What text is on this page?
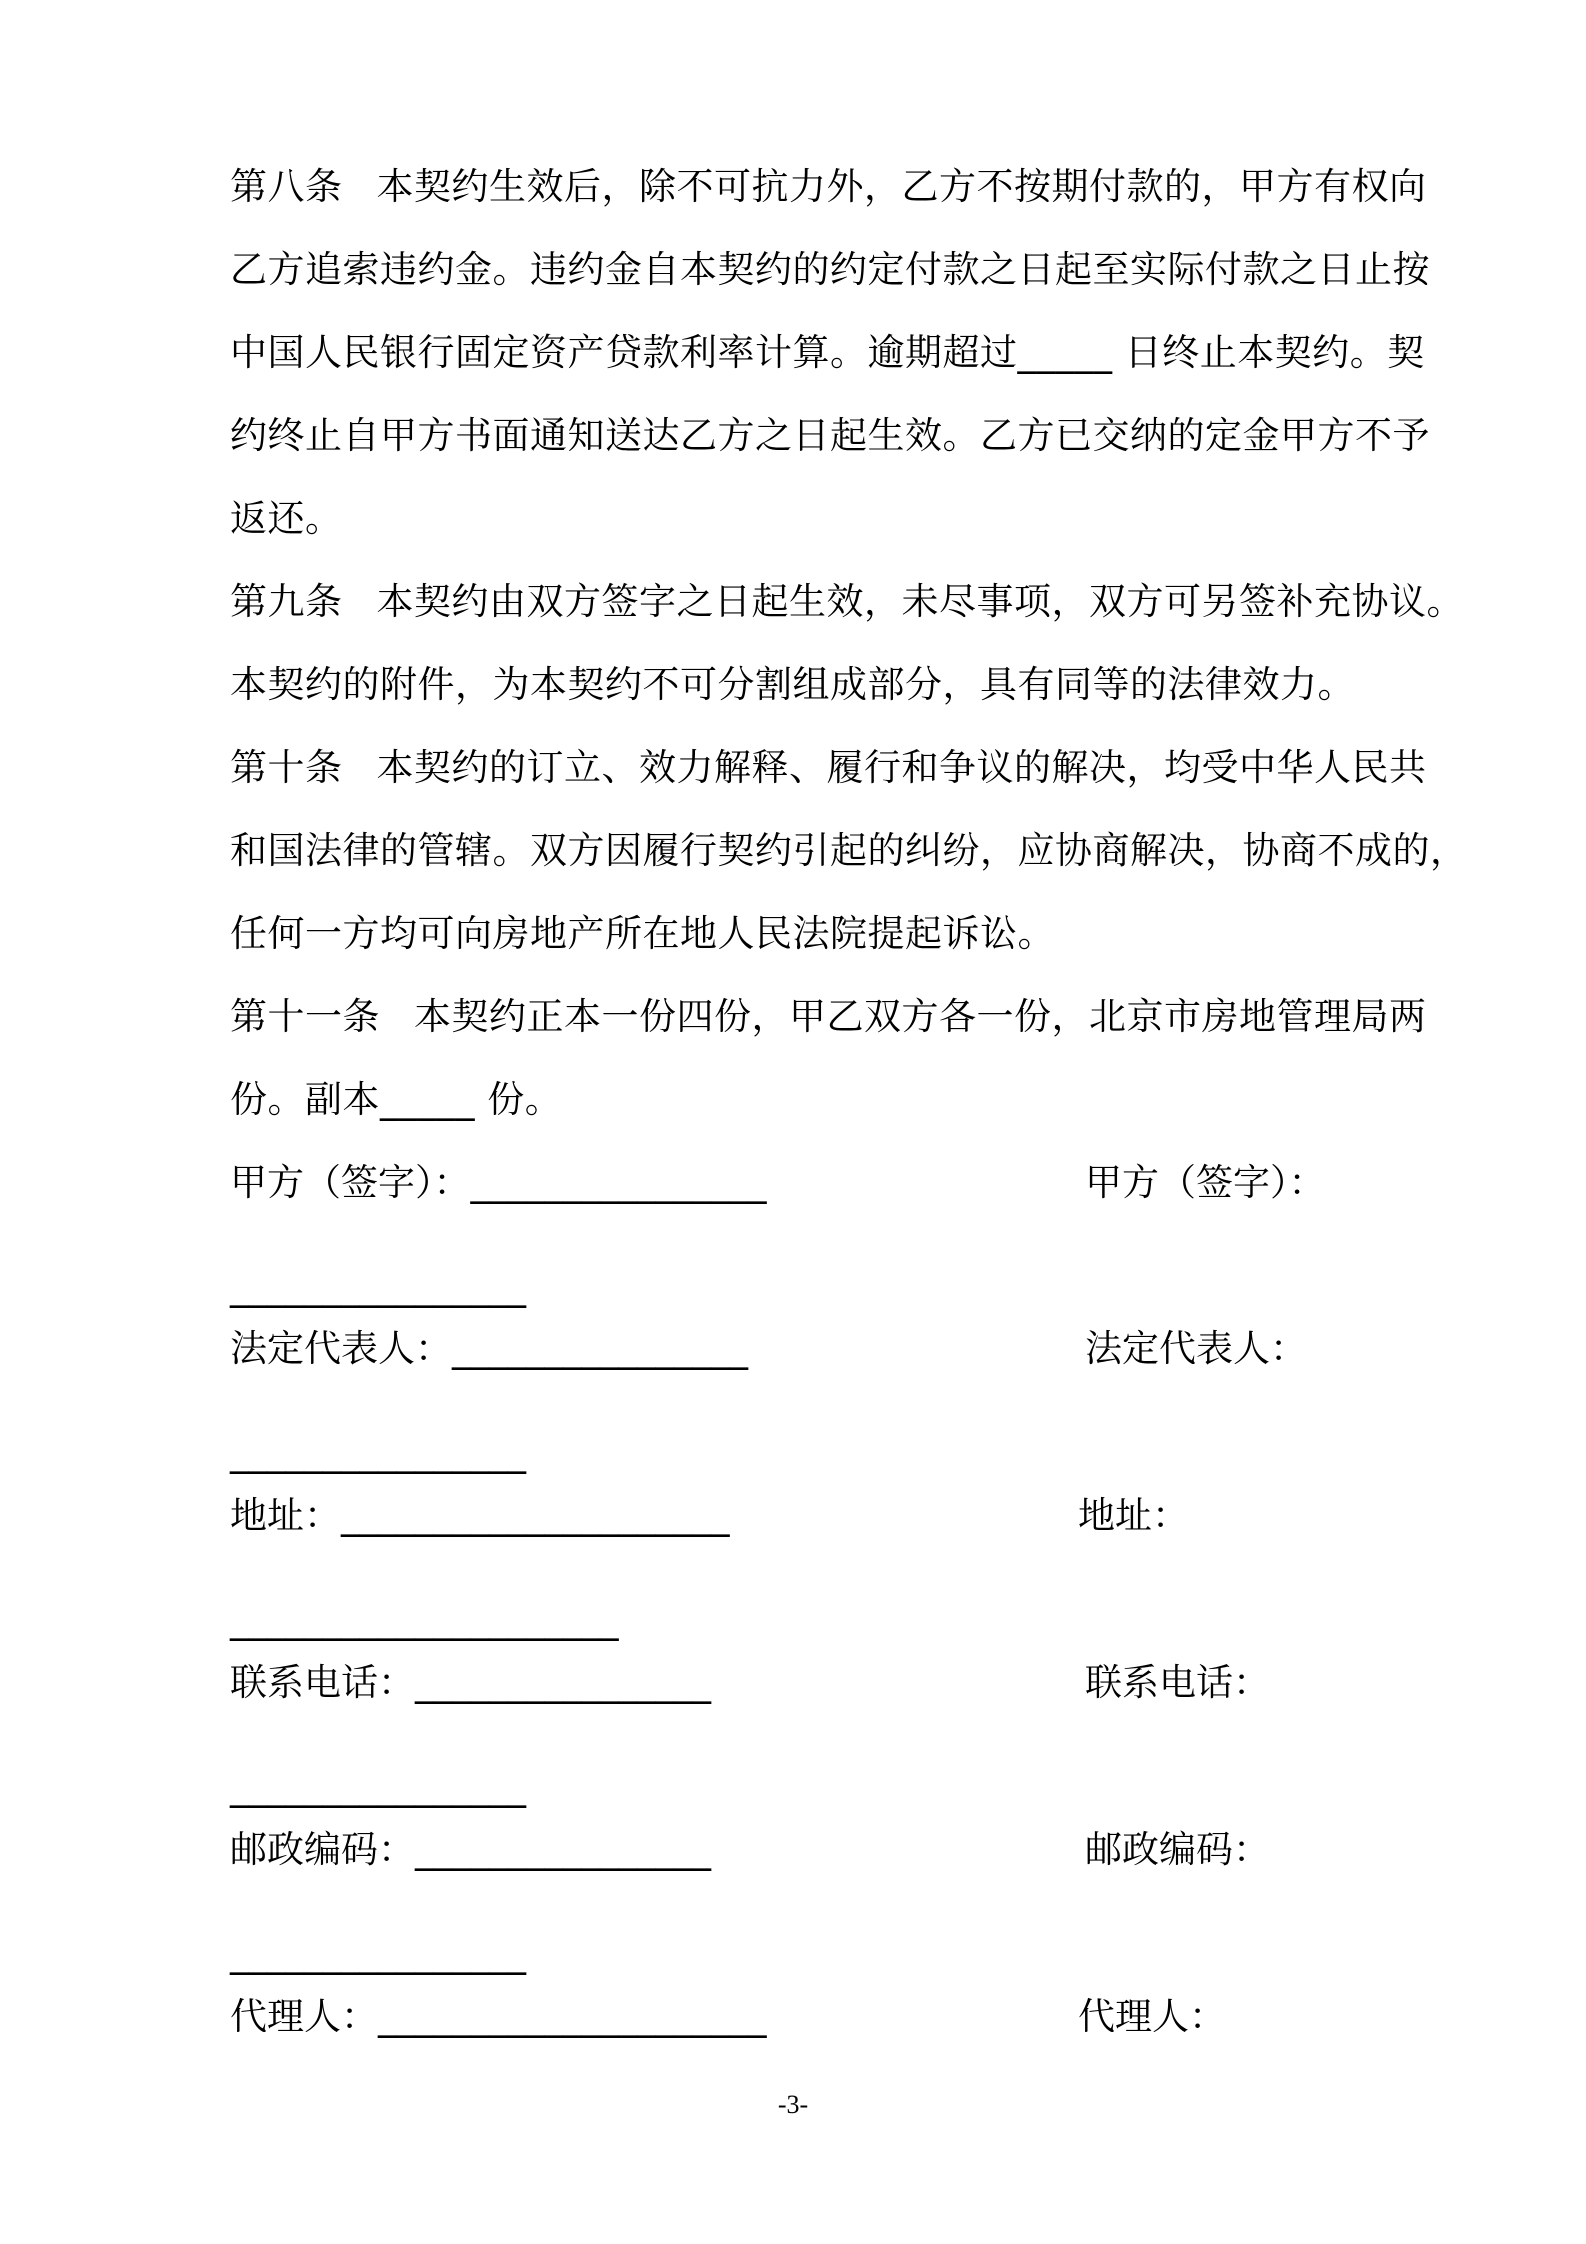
第八条 本契约生效后，除不可抗力外，乙方不按期付款的，甲方有权向
乙方追索违约金。违约金自本契约的约定付款之日起至实际付款之日止按
中国人民银行固定资产贷款利率计算。逾期超过_____ 日终止本契约。契
约终止自甲方书面通知送达乙方之日起生效。乙方已交纳的定金甲方不予
返还。
第九条 本契约由双方签字之日起生效，未尽事项，双方可另签补充协议。
本契约的附件，为本契约不可分割组成部分，具有同等的法律效力。
第十条 本契约的订立、效力解释、履行和争议的解决，均受中华人民共
和国法律的管辖。双方因履行契约引起的纠纷，应协商解决，协商不成的，
任何一方均可向房地产所在地人民法院提起诉讼。
第十一条 本契约正本一份四份，甲乙双方各一份，北京市房地管理局两
份。副本_____ 份。
甲方（签字）：________________	甲方（签字）：
________________
法定代表人：________________	法定代表人：
________________
地址：_____________________	地址：
_____________________
联系电话：________________	联系电话：
________________
邮政编码：________________	邮政编码：
________________
代理人：_____________________	代理人：
-3-
